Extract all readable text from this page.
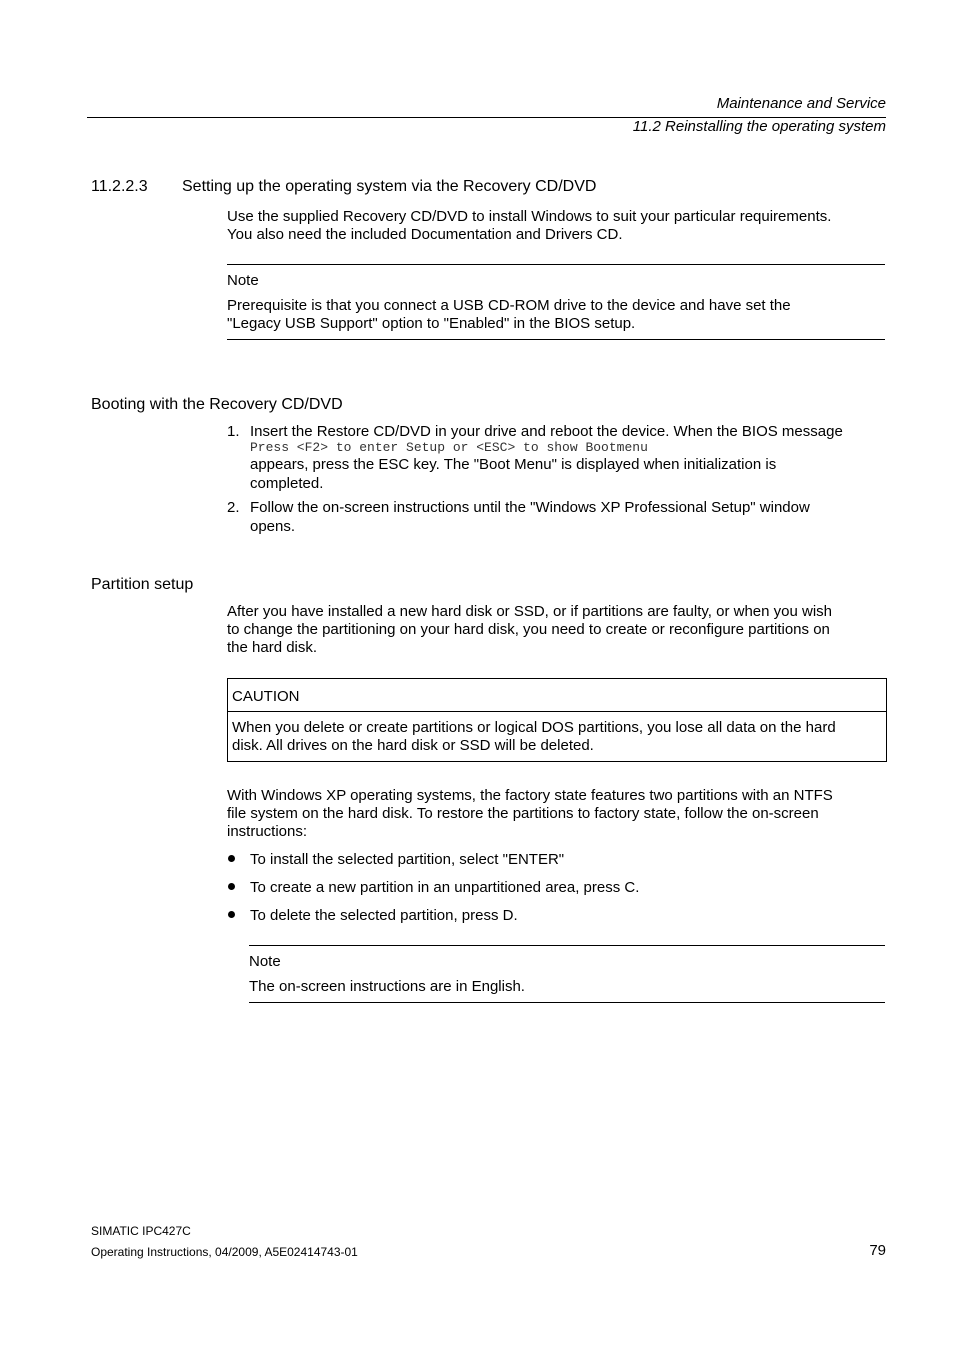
Maintenance and Service
11.2 Reinstalling the operating system
11.2.2.3 Setting up the operating system via the Recovery CD/DVD
Use the supplied Recovery CD/DVD to install Windows to suit your particular requirements.
You also need the included Documentation and Drivers CD.
Note
Prerequisite is that you connect a USB CD-ROM drive to the device and have set the
"Legacy USB Support" option to "Enabled" in the BIOS setup.
Booting with the Recovery CD/DVD
1. Insert the Restore CD/DVD in your drive and reboot the device. When the BIOS message
Press <F2> to enter Setup or <ESC> to show Bootmenu
appears, press the ESC key. The "Boot Menu" is displayed when initialization is
completed.
2. Follow the on-screen instructions until the "Windows XP Professional Setup" window
opens.
Partition setup
After you have installed a new hard disk or SSD, or if partitions are faulty, or when you wish
to change the partitioning on your hard disk, you need to create or reconfigure partitions on
the hard disk.
CAUTION
When you delete or create partitions or logical DOS partitions, you lose all data on the hard
disk. All drives on the hard disk or SSD will be deleted.
With Windows XP operating systems, the factory state features two partitions with an NTFS
file system on the hard disk. To restore the partitions to factory state, follow the on-screen
instructions:
To install the selected partition, select "ENTER"
To create a new partition in an unpartitioned area, press C.
To delete the selected partition, press D.
Note
The on-screen instructions are in English.
SIMATIC IPC427C
Operating Instructions, 04/2009, A5E02414743-01	79
